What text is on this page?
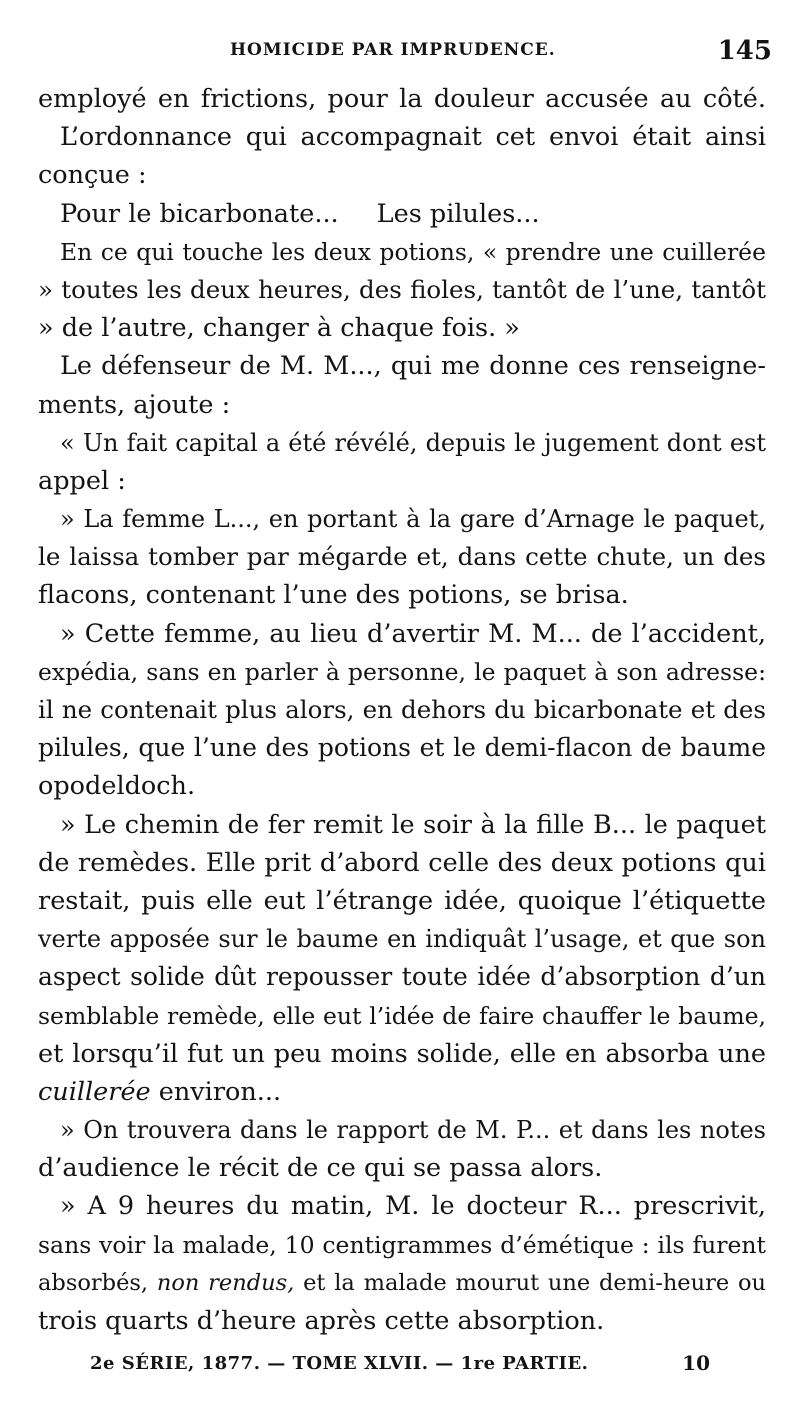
HOMICIDE PAR IMPRUDENCE.	145
employé en frictions, pour la douleur accusée au côté.
L’ordonnance qui accompagnait cet envoi était ainsi
conçue :
Pour le bicarbonate... Les pilules...
En ce qui touche les deux potions, « prendre une cuillerée
» toutes les deux heures, des fioles, tantôt de l’une, tantôt
» de l’autre, changer à chaque fois. »
Le défenseur de M. M..., qui me donne ces renseigne-
ments, ajoute :
« Un fait capital a été révélé, depuis le jugement dont est
appel :
» La femme L..., en portant à la gare d’Arnage le paquet,
le laissa tomber par mégarde et, dans cette chute, un des
flacons, contenant l’une des potions, se brisa.
» Cette femme, au lieu d’avertir M. M... de l’accident,
expédia, sans en parler à personne, le paquet à son adresse:
il ne contenait plus alors, en dehors du bicarbonate et des
pilules, que l’une des potions et le demi-flacon de baume
opodeldoch.
» Le chemin de fer remit le soir à la fille B... le paquet
de remèdes. Elle prit d’abord celle des deux potions qui
restait, puis elle eut l’étrange idée, quoique l’étiquette
verte apposée sur le baume en indiquât l’usage, et que son
aspect solide dût repousser toute idée d’absorption d’un
semblable remède, elle eut l’idée de faire chauffer le baume,
et lorsqu’il fut un peu moins solide, elle en absorba une
cuillerée environ...
» On trouvera dans le rapport de M. P... et dans les notes
d’audience le récit de ce qui se passa alors.
» A 9 heures du matin, M. le docteur R... prescrivit,
sans voir la malade, 10 centigrammes d’émétique : ils furent
absorbés, non rendus, et la malade mourut une demi-heure ou
trois quarts d’heure après cette absorption.
2e SÉRIE, 1877. — TOME XLVII. — 1re PARTIE.	10
